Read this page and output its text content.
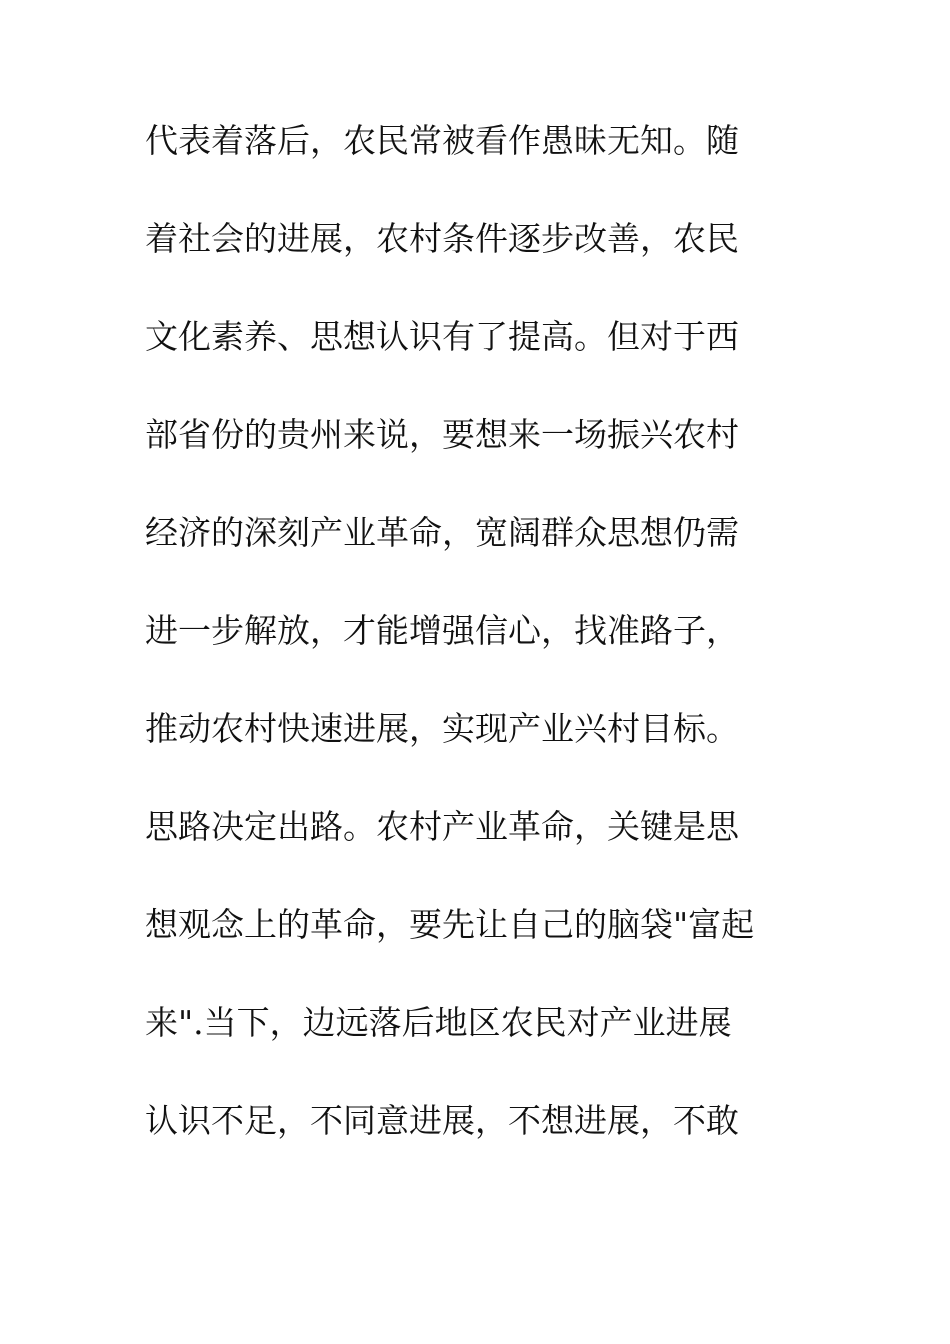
代表着落后，农民常被看作愚昧无知。随
着社会的进展，农村条件逐步改善，农民
文化素养、思想认识有了提高。但对于西
部省份的贵州来说，要想来一场振兴农村
经济的深刻产业革命，宽阔群众思想仍需
进一步解放，才能增强信心，找准路子，
推动农村快速进展，实现产业兴村目标。
思路决定出路。农村产业革命，关键是思
想观念上的革命，要先让自己的脑袋"富起
来".当下，边远落后地区农民对产业进展
认识不足，不同意进展，不想进展，不敢
